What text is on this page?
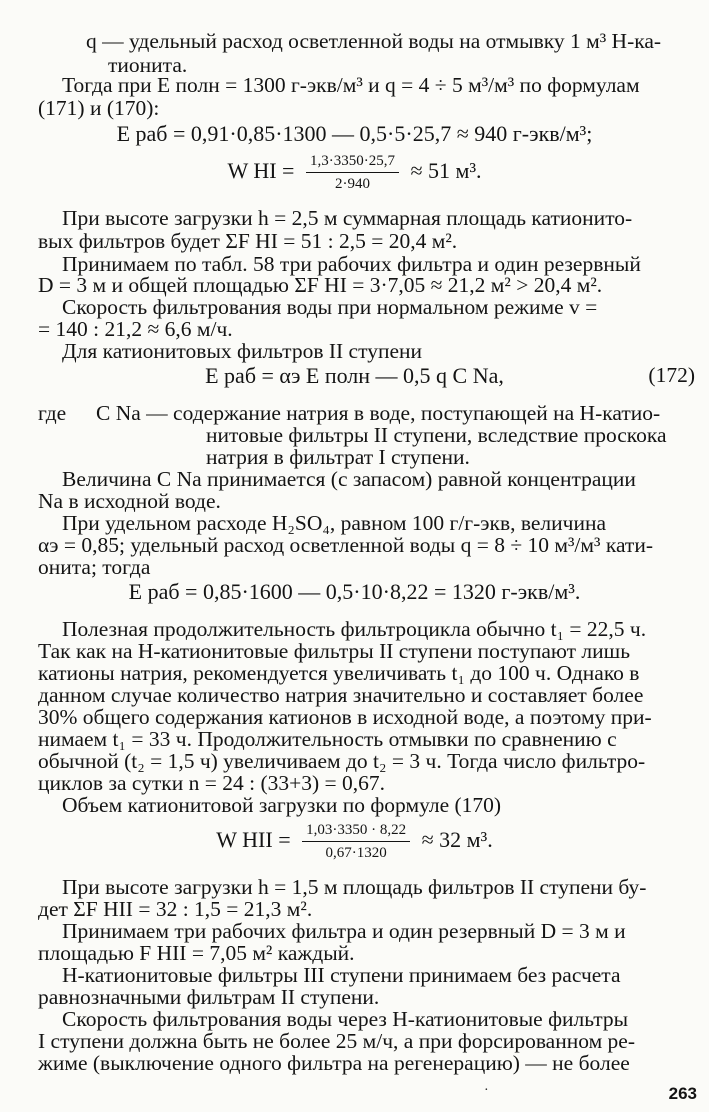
q — удельный расход осветленной воды на отмывку 1 м³ Н-ка-
тионита.
Тогда при E полн = 1300 г-экв/м³ и q = 4 ÷ 5 м³/м³ по формулам
(171) и (170):
E раб = 0,91·0,85·1300 — 0,5·5·25,7 ≈ 940 г-экв/м³;
W HI = $\frac{1,3\cdot 3350\cdot 25,7}{2\cdot 940} \approx 51$ м³.
При высоте загрузки h = 2,5 м суммарная площадь катионито-
вых фильтров будет ΣF HI = 51 : 2,5 = 20,4 м².
Принимаем по табл. 58 три рабочих фильтра и один резервный
D = 3 м и общей площадью ΣF HI = 3·7,05 ≈ 21,2 м² > 20,4 м².
Скорость фильтрования воды при нормальном режиме v =
= 140 : 21,2 ≈ 6,6 м/ч.
Для катионитовых фильтров II ступени
E раб = αэ E полн — 0,5 q C Na,	(172)
где C Na — содержание натрия в воде, поступающей на Н-катио-
нитовые фильтры II ступени, вследствие проскока
натрия в фильтрат I ступени.
Величина C Na принимается (с запасом) равной концентрации
Na в исходной воде.
При удельном расходе H₂SO₄, равном 100 г/г-экв, величина
αэ = 0,85; удельный расход осветленной воды q = 8 ÷ 10 м³/м³ кати-
онита; тогда
E раб = 0,85·1600 — 0,5·10·8,22 = 1320 г-экв/м³.
Полезная продолжительность фильтроцикла обычно t₁ = 22,5 ч.
Так как на Н-катионитовые фильтры II ступени поступают лишь
катионы натрия, рекомендуется увеличивать t₁ до 100 ч. Однако в
данном случае количество натрия значительно и составляет более
30% общего содержания катионов в исходной воде, а поэтому при-
нимаем t₁ = 33 ч. Продолжительность отмывки по сравнению с
обычной (t₂ = 1,5 ч) увеличиваем до t₂ = 3 ч. Тогда число фильтро-
циклов за сутки n = 24 : (33+3) = 0,67.
Объем катионитовой загрузки по формуле (170)
W HII = $\frac{1,03\cdot 3350 \cdot 8,22}{0,67\cdot 1320} \approx 32$ м³.
При высоте загрузки h = 1,5 м площадь фильтров II ступени бу-
дет ΣF HII = 32 : 1,5 = 21,3 м².
Принимаем три рабочих фильтра и один резервный D = 3 м и
площадью F HII = 7,05 м² каждый.
Н-катионитовые фильтры III ступени принимаем без расчета
равнозначными фильтрам II ступени.
Скорость фильтрования воды через Н-катионитовые фильтры
I ступени должна быть не более 25 м/ч, а при форсированном ре-
жиме (выключение одного фильтра на регенерацию) — не более
·	263
